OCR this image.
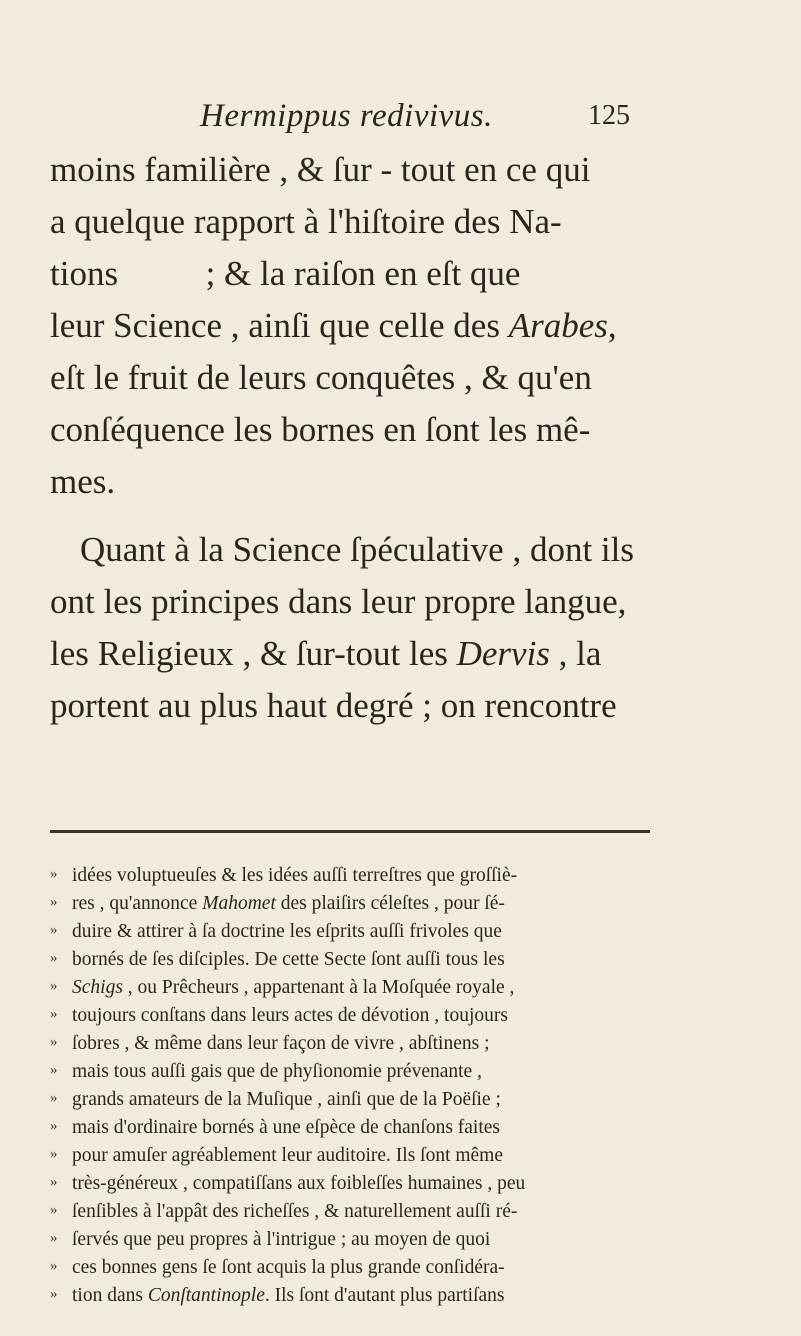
Hermippus redivivus.	125
moins familière , & ſur - tout en ce qui
a quelque rapport à l'hiſtoire des Na-
tions          ; & la raiſon en eſt que
leur Science , ainſi que celle des Arabes,
eſt le fruit de leurs conquêtes , & qu'en
conſéquence les bornes en ſont les mê-
mes.
Quant à la Science ſpéculative , dont ils
ont les principes dans leur propre langue,
les Religieux , & ſur-tout les Dervis , la
portent au plus haut degré ; on rencontre
» idées voluptueuſes & les idées auſſi terreſtres que groſſiè-
» res , qu'annonce Mahomet des plaiſirs céleſtes , pour ſé-
» duire & attirer à ſa doctrine les eſprits auſſi frivoles que
» bornés de ſes diſciples. De cette Secte ſont auſſi tous les
» Schigs , ou Prêcheurs , appartenant à la Moſquée royale ,
» toujours conſtans dans leurs actes de dévotion , toujours
» ſobres , & même dans leur façon de vivre , abſtinens ;
» mais tous auſſi gais que de phyſionomie prévenante ,
» grands amateurs de la Muſique , ainſi que de la Poëſie ;
» mais d'ordinaire bornés à une eſpèce de chanſons faites
» pour amuſer agréablement leur auditoire. Ils ſont même
» très-généreux , compatiſſans aux foibleſſes humaines , peu
» ſenſibles à l'appât des richeſſes , & naturellement auſſi ré-
» ſervés que peu propres à l'intrigue ; au moyen de quoi
» ces bonnes gens ſe ſont acquis la plus grande conſidéra-
» tion dans Conſtantinople. Ils ſont d'autant plus partiſans
